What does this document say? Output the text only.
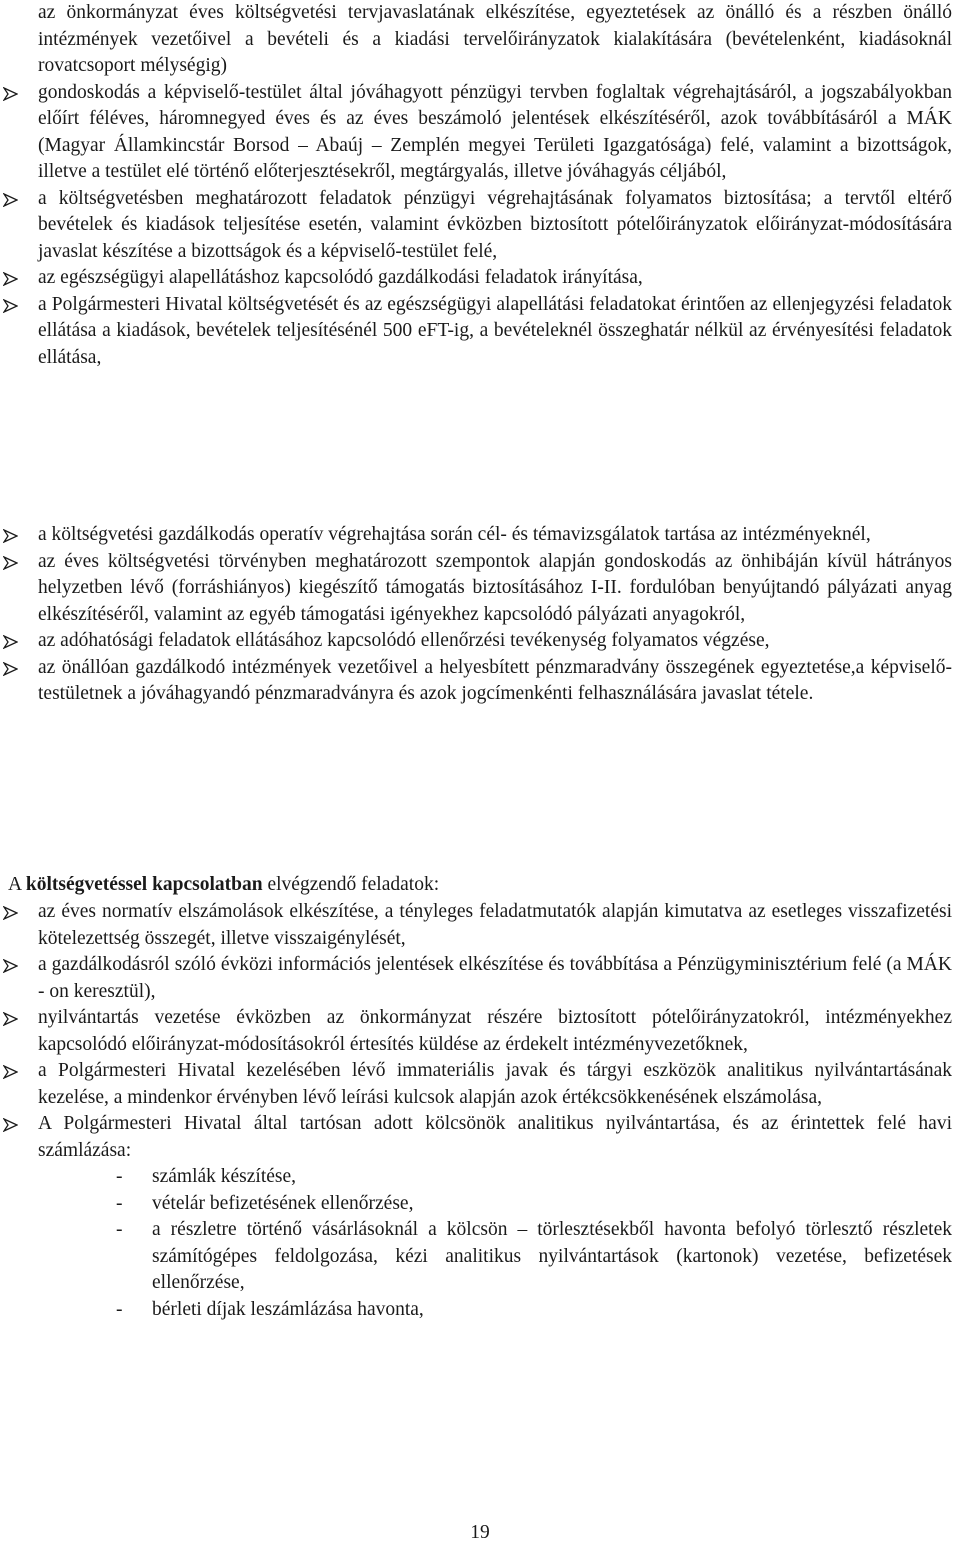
az önkormányzat éves költségvetési tervjavaslatának elkészítése, egyeztetések az önálló és a részben önálló intézmények vezetőivel a bevételi és a kiadási tervelőirányzatok kialakítására (bevételenként, kiadásoknál rovatcsoport mélységig)
gondoskodás a képviselő-testület által jóváhagyott pénzügyi tervben foglaltak végrehajtásáról, a jogszabályokban előírt féléves, háromnegyed éves és az éves beszámoló jelentések elkészítéséről, azok továbbításáról a MÁK (Magyar Államkincstár Borsod – Abaúj – Zemplén megyei Területi Igazgatósága) felé, valamint a bizottságok, illetve a testület elé történő előterjesztésekről, megtárgyalás, illetve jóváhagyás céljából,
a költségvetésben meghatározott feladatok pénzügyi végrehajtásának folyamatos biztosítása; a tervtől eltérő bevételek és kiadások teljesítése esetén, valamint évközben biztosított pótelőirányzatok előirányzat-módosítására javaslat készítése a bizottságok és a képviselő-testület felé,
az egészségügyi alapellátáshoz kapcsolódó gazdálkodási feladatok irányítása,
a Polgármesteri Hivatal költségvetését és az egészségügyi alapellátási feladatokat érintően az ellenjegyzési feladatok ellátása a kiadások, bevételek teljesítésénél 500 eFT-ig, a bevételeknél összeghatár nélkül az érvényesítési feladatok ellátása,
a költségvetési gazdálkodás operatív végrehajtása során cél- és témavizsgálatok tartása az intézményeknél,
az éves költségvetési törvényben meghatározott szempontok alapján gondoskodás az önhibáján kívül hátrányos helyzetben lévő (forráshiányos) kiegészítő támogatás biztosításához I-II. fordulóban benyújtandó pályázati anyag elkészítéséről, valamint az egyéb támogatási igényekhez kapcsolódó pályázati anyagokról,
az adóhatósági feladatok ellátásához kapcsolódó ellenőrzési tevékenység folyamatos végzése,
az önállóan gazdálkodó intézmények vezetőivel a helyesbített pénzmaradvány összegének egyeztetése,a képviselő-testületnek a jóváhagyandó pénzmaradványra és azok jogcímenkénti felhasználására javaslat tétele.
A költségvetéssel kapcsolatban elvégzendő feladatok:
az éves normatív elszámolások elkészítése, a tényleges feladatmutatók alapján kimutatva az esetleges visszafizetési kötelezettség összegét, illetve visszaigénylését,
a gazdálkodásról szóló évközi információs jelentések elkészítése és továbbítása a Pénzügyminisztérium felé (a MÁK - on keresztül),
nyilvántartás vezetése évközben az önkormányzat részére biztosított pótelőirányzatokról, intézményekhez kapcsolódó előirányzat-módosításokról értesítés küldése az érdekelt intézményvezetőknek,
a Polgármesteri Hivatal kezelésében lévő immateriális javak és tárgyi eszközök analitikus nyilvántartásának kezelése, a mindenkor érvényben lévő leírási kulcsok alapján azok értékcsökkenésének elszámolása,
A Polgármesteri Hivatal által tartósan adott kölcsönök analitikus nyilvántartása, és az érintettek felé havi számlázása:
- számlák készítése,
- vételár befizetésének ellenőrzése,
- a részletre történő vásárlásoknál a kölcsön – törlesztésekből havonta befolyó törlesztő részletek számítógépes feldolgozása, kézi analitikus nyilvántartások (kartonok) vezetése, befizetések ellenőrzése,
- bérleti díjak leszámlázása havonta,
19
